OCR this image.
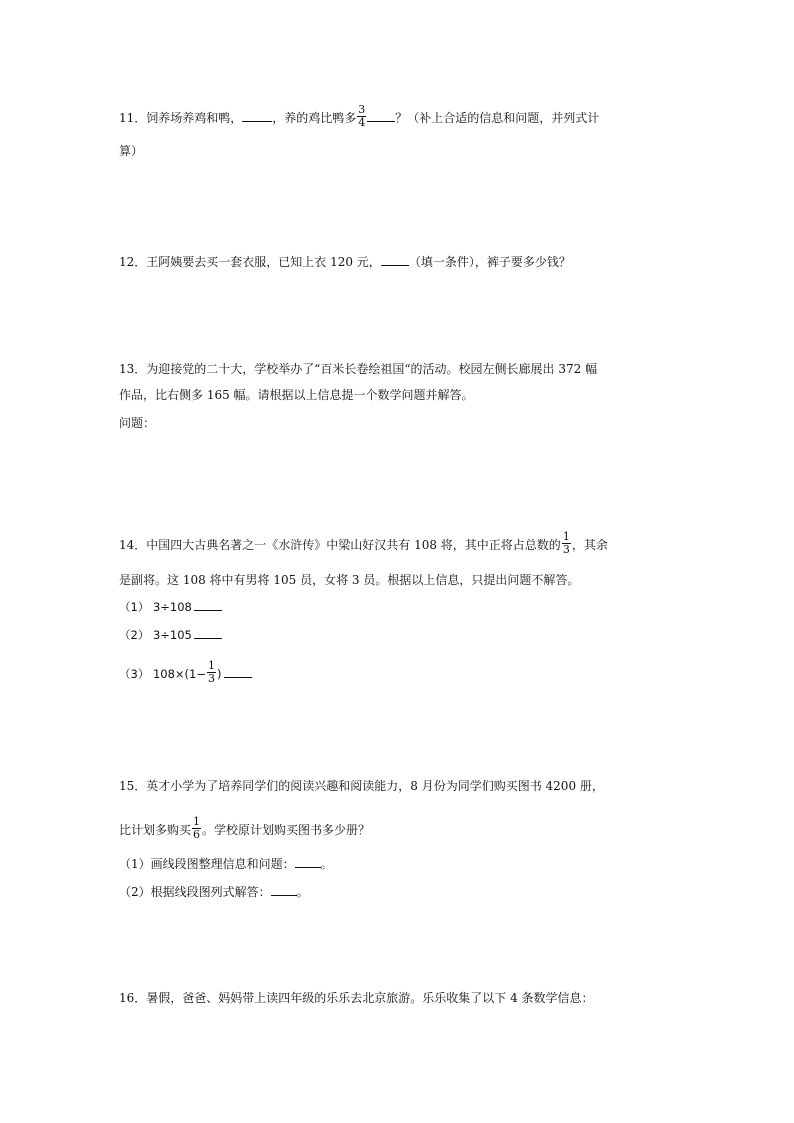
11．饲养场养鸡和鸭，	，养的鸡比鸭多 $\frac{3}{4}$ ？（补上合适的信息和问题，并列式计
算）
12．王阿姨要去买一套衣服，已知上衣 120 元， （填一条件），裤子要多少钱？
13．为迎接党的二十大，学校举办了“百米长卷绘祖国“的活动。校园左侧长廊展出 372 幅
作品，比右侧多 165 幅。请根据以上信息提一个数学问题并解答。
问题：
14．中国四大古典名著之一《水浒传》中梁山好汉共有 108 将，其中正将占总数的 $\frac{1}{3}$ ，其余
是副将。这 108 将中有男将 105 员，女将 3 员。根据以上信息，只提出问题不解答。
（1） 3÷108
（2） 3÷105
（3） $108\times(1- \frac{1}{3}$ )
15．英才小学为了培养同学们的阅读兴趣和阅读能力，8 月份为同学们购买图书 4200 册，
比计划多购买 $\frac{1}{6}$ 。学校原计划购买图书多少册？
（1）画线段图整理信息和问题： 。
（2）根据线段图列式解答： 。
16．暑假，爸爸、妈妈带上读四年级的乐乐去北京旅游。乐乐收集了以下 4 条数学信息：
